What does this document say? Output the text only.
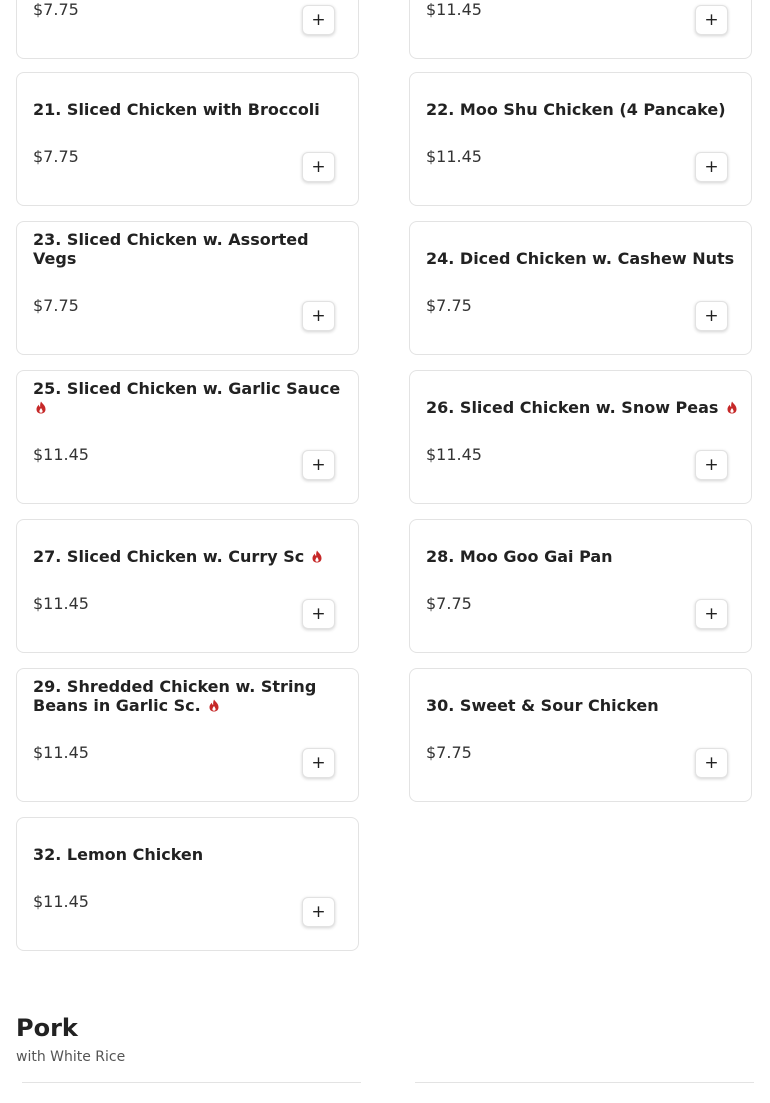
$7.75	+	$11.45	+
21. Sliced Chicken with Broccoli
$7.75	+
22. Moo Shu Chicken (4 Pancake)
$11.45	+
23. Sliced Chicken w. Assorted Vegs
$7.75	+
24. Diced Chicken w. Cashew Nuts
$7.75	+
25. Sliced Chicken w. Garlic Sauce
$11.45	+
26. Sliced Chicken w. Snow Peas
$11.45	+
27. Sliced Chicken w. Curry Sc
$11.45	+
28. Moo Goo Gai Pan
$7.75	+
29. Shredded Chicken w. String Beans in Garlic Sc.
$11.45	+
30. Sweet & Sour Chicken
$7.75	+
32. Lemon Chicken
$11.45	+
Pork
with White Rice
